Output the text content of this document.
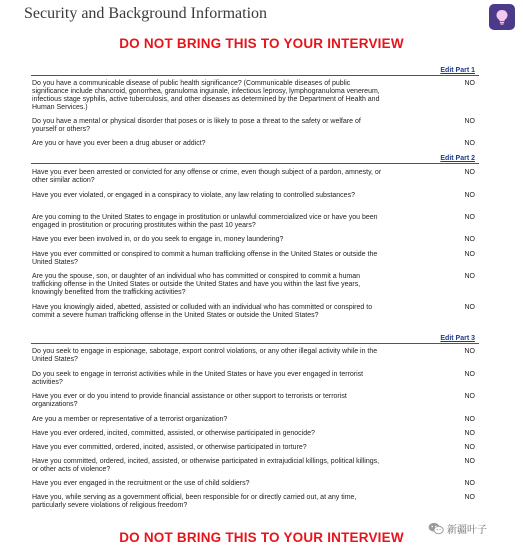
Security and Background Information
DO NOT BRING THIS TO YOUR INTERVIEW
Edit Part 1
Do you have a communicable disease of public health significance? (Communicable diseases of public significance include chancroid, gonorrhea, granuloma inguinale, infectious leprosy, lymphogranuloma venereum, infectious stage syphilis, active tuberculosis, and other diseases as determined by the Department of Health and Human Services.)
NO
Do you have a mental or physical disorder that poses or is likely to pose a threat to the safety or welfare of yourself or others?
NO
Are you or have you ever been a drug abuser or addict?	NO
Edit Part 2
Have you ever been arrested or convicted for any offense or crime, even though subject of a pardon, amnesty, or other similar action?
NO
Have you ever violated, or engaged in a conspiracy to violate, any law relating to controlled substances?	NO
Are you coming to the United States to engage in prostitution or unlawful commercialized vice or have you been engaged in prostitution or procuring prostitutes within the past 10 years?
NO
Have you ever been involved in, or do you seek to engage in, money laundering?	NO
Have you ever committed or conspired to commit a human trafficking offense in the United States or outside the United States?
NO
Are you the spouse, son, or daughter of an individual who has committed or conspired to commit a human trafficking offense in the United States or outside the United States and have you within the last five years, knowingly benefited from the trafficking activities?
NO
Have you knowingly aided, abetted, assisted or colluded with an individual who has committed or conspired to commit a severe human trafficking offense in the United States or outside the United States?
NO
Edit Part 3
Do you seek to engage in espionage, sabotage, export control violations, or any other illegal activity while in the United States?
NO
Do you seek to engage in terrorist activities while in the United States or have you ever engaged in terrorist activities?
NO
Have you ever or do you intend to provide financial assistance or other support to terrorists or terrorist organizations?
NO
Are you a member or representative of a terrorist organization?	NO
Have you ever ordered, incited, committed, assisted, or otherwise participated in genocide?	NO
Have you ever committed, ordered, incited, assisted, or otherwise participated in torture?	NO
Have you committed, ordered, incited, assisted, or otherwise participated in extrajudicial killings, political killings, or other acts of violence?
NO
Have you ever engaged in the recruitment or the use of child soldiers?	NO
Have you, while serving as a government official, been responsible for or directly carried out, at any time, particularly severe violations of religious freedom?
NO
DO NOT BRING THIS TO YOUR INTERVIEW	新疆叶子
